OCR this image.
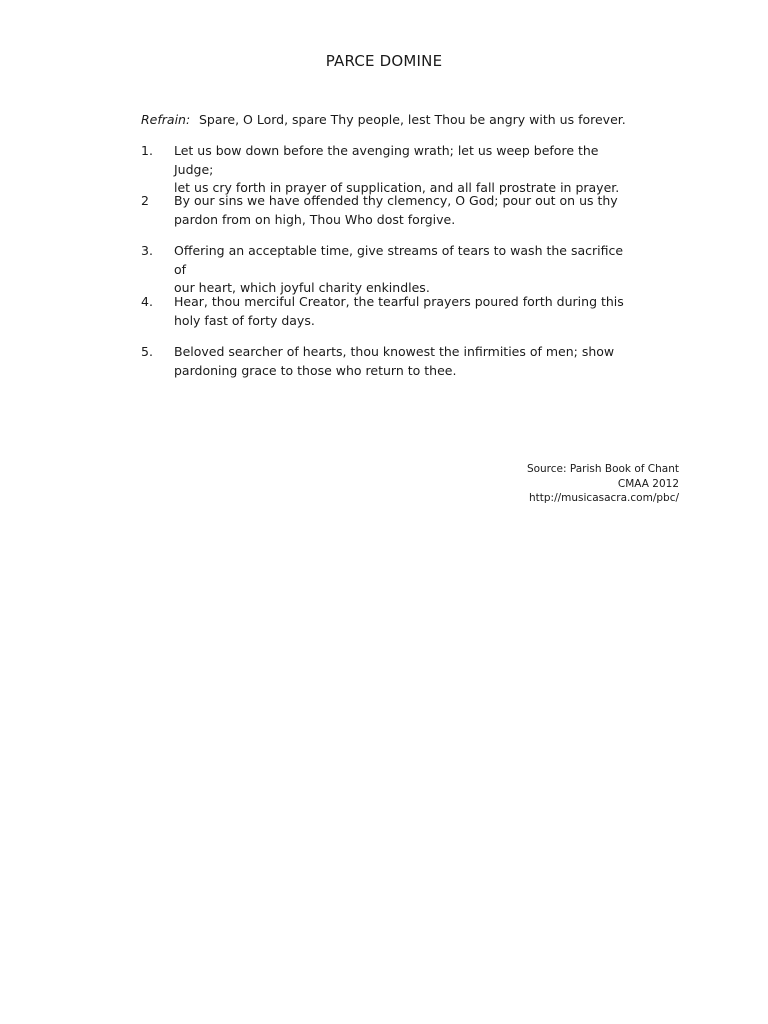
PARCE DOMINE
Refrain: Spare, O Lord, spare Thy people, lest Thou be angry with us forever.
1.	Let us bow down before the avenging wrath; let us weep before the Judge;
let us cry forth in prayer of supplication, and all fall prostrate in prayer.
2	By our sins we have offended thy clemency, O God; pour out on us thy
pardon from on high, Thou Who dost forgive.
3.	Offering an acceptable time, give streams of tears to wash the sacrifice of
our heart, which joyful charity enkindles.
4.	Hear, thou merciful Creator, the tearful prayers poured forth during this
holy fast of forty days.
5.	Beloved searcher of hearts, thou knowest the infirmities of men; show
pardoning grace to those who return to thee.
Source: Parish Book of Chant
CMAA 2012
http://musicasacra.com/pbc/
